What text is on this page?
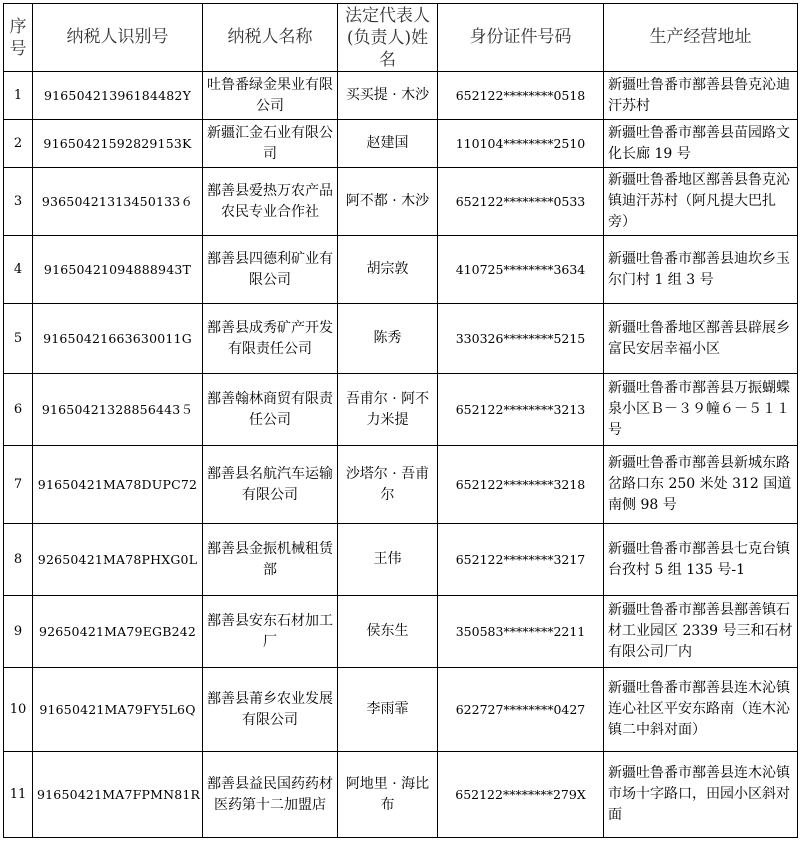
序号	纳税人识别号	纳税人名称	法定代表人(负责人)姓名	身份证件号码	生产经营地址
1	91650421396184482Y	吐鲁番绿金果业有限公司	买买提 · 木沙	652122********0518	新疆吐鲁番市鄯善县鲁克沁迪汗苏村
2	91650421592829153K	新疆汇金石业有限公司	赵建国	110104********2510	新疆吐鲁番市鄯善县苗园路文化长廊 19 号
3	93650421313450133６	鄯善县爱热万农产品农民专业合作社	阿不都 · 木沙	652122********0533	新疆吐鲁番地区鄯善县鲁克沁镇迪汗苏村（阿凡提大巴扎旁）
4	91650421094888943T	鄯善县四德利矿业有限公司	胡宗敦	410725********3634	新疆吐鲁番市鄯善县迪坎乡玉尔门村 1 组 3 号
5	91650421663630011G	鄯善县成秀矿产开发有限责任公司	陈秀	330326********5215	新疆吐鲁番地区鄯善县辟展乡富民安居幸福小区
6	91650421328856443５	鄯善翰林商贸有限责任公司	吾甫尔 · 阿不力米提	652122********3213	新疆吐鲁番市鄯善县万振蝴蝶泉小区Ｂ－３９幢６－５１１号
7	91650421MA78DUPC72	鄯善县名航汽车运输有限公司	沙塔尔 · 吾甫尔	652122********3218	新疆吐鲁番市鄯善县新城东路岔路口东 250 米处 312 国道南侧 98 号
8	92650421MA78PHXG0L	鄯善县金振机械租赁部	王伟	652122********3217	新疆吐鲁番市鄯善县七克台镇台孜村 5 组 135 号-1
9	92650421MA79EGB242	鄯善县安东石材加工厂	侯东生	350583********2211	新疆吐鲁番市鄯善县鄯善镇石材工业园区 2339 号三和石材有限公司厂内
10	91650421MA79FY5L6Q	鄯善县莆乡农业发展有限公司	李雨霏	622727********0427	新疆吐鲁番市鄯善县连木沁镇连心社区平安东路南（连木沁镇二中斜对面）
11	91650421MA7FPMN81R	鄯善县益民国药药材医药第十二加盟店	阿地里 · 海比布	652122********279X	新疆吐鲁番市鄯善县连木沁镇市场十字路口，田园小区斜对面
